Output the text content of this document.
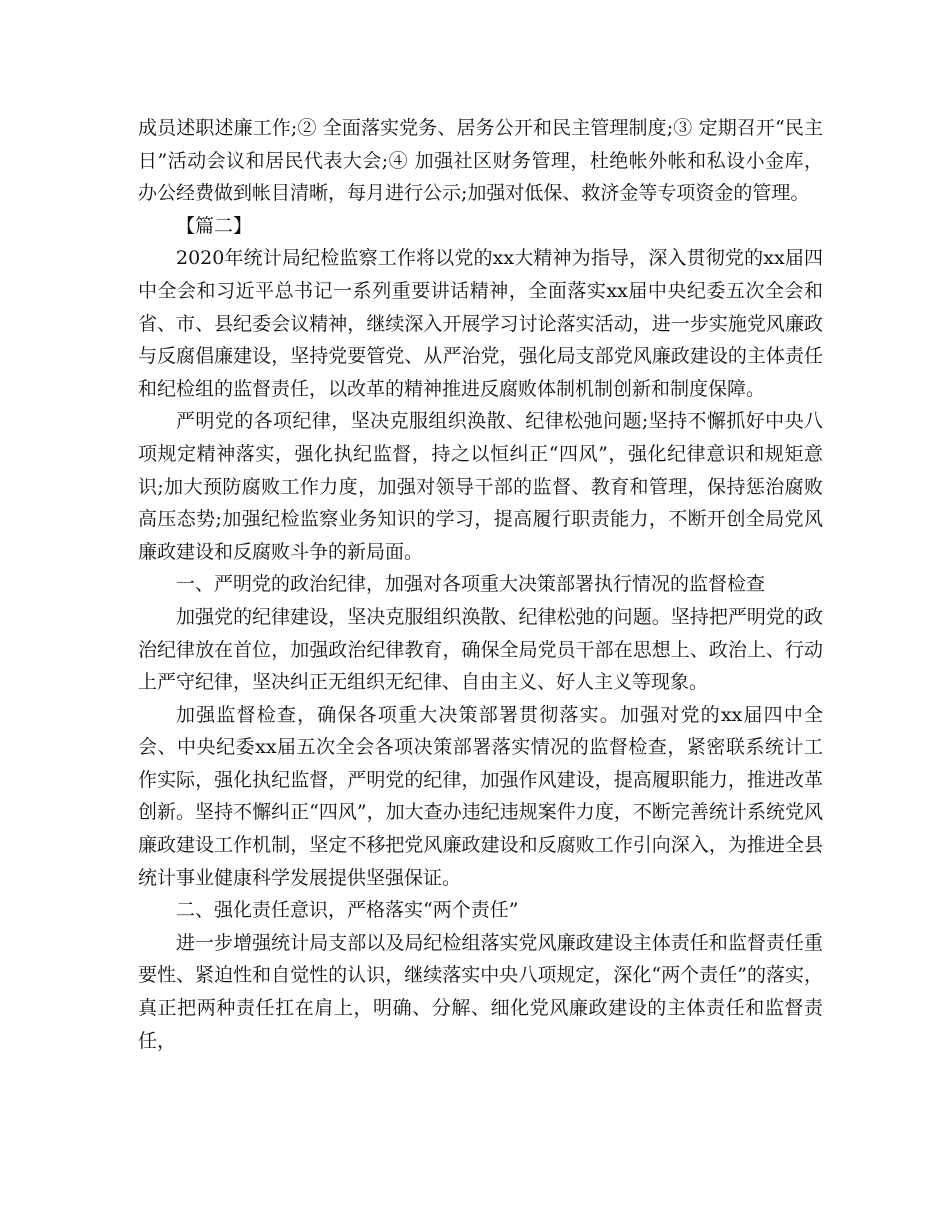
成员述职述廉工作;② 全面落实党务、居务公开和民主管理制度;③ 定期召开“民主日”活动会议和居民代表大会;④ 加强社区财务管理，杜绝帐外帐和私设小金库，办公经费做到帐目清晰，每月进行公示;加强对低保、救济金等专项资金的管理。

【篇二】

2020年统计局纪检监察工作将以党的xx大精神为指导，深入贯彻党的xx届四中全会和习近平总书记一系列重要讲话精神，全面落实xx届中央纪委五次全会和省、市、县纪委会议精神，继续深入开展学习讨论落实活动，进一步实施党风廉政与反腐倡廉建设，坚持党要管党、从严治党，强化局支部党风廉政建设的主体责任和纪检组的监督责任，以改革的精神推进反腐败体制机制创新和制度保障。

严明党的各项纪律，坚决克服组织涣散、纪律松弛问题;坚持不懈抓好中央八项规定精神落实，强化执纪监督，持之以恒纠正“四风”，强化纪律意识和规矩意识;加大预防腐败工作力度，加强对领导干部的监督、教育和管理，保持惩治腐败高压态势;加强纪检监察业务知识的学习，提高履行职责能力，不断开创全局党风廉政建设和反腐败斗争的新局面。

一、严明党的政治纪律，加强对各项重大决策部署执行情况的监督检查

加强党的纪律建设，坚决克服组织涣散、纪律松弛的问题。坚持把严明党的政治纪律放在首位，加强政治纪律教育，确保全局党员干部在思想上、政治上、行动上严守纪律，坚决纠正无组织无纪律、自由主义、好人主义等现象。

加强监督检查，确保各项重大决策部署贯彻落实。加强对党的xx届四中全会、中央纪委xx届五次全会各项决策部署落实情况的监督检查，紧密联系统计工作实际，强化执纪监督，严明党的纪律，加强作风建设，提高履职能力，推进改革创新。坚持不懈纠正“四风”，加大查办违纪违规案件力度，不断完善统计系统党风廉政建设工作机制，坚定不移把党风廉政建设和反腐败工作引向深入，为推进全县统计事业健康科学发展提供坚强保证。

二、强化责任意识，严格落实“两个责任”

进一步增强统计局支部以及局纪检组落实党风廉政建设主体责任和监督责任重要性、紧迫性和自觉性的认识，继续落实中央八项规定，深化“两个责任”的落实，真正把两种责任扛在肩上，明确、分解、细化党风廉政建设的主体责任和监督责任，
